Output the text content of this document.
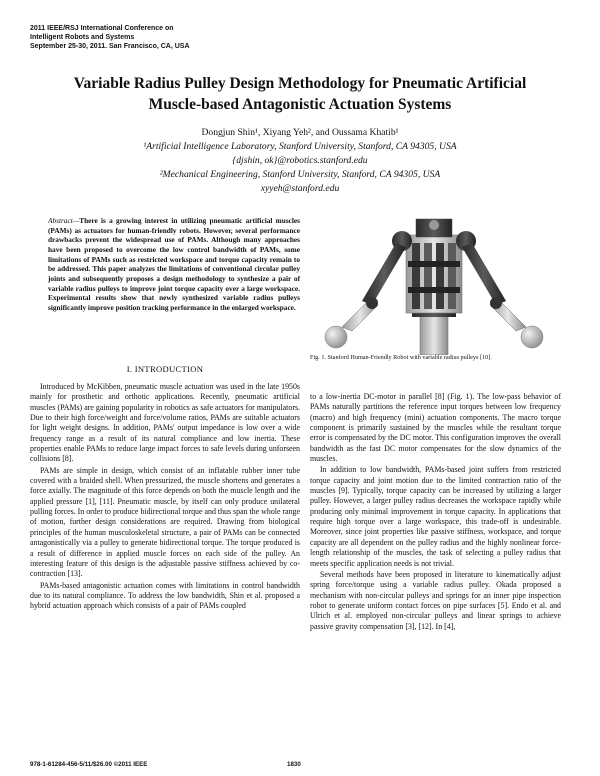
2011 IEEE/RSJ International Conference on
Intelligent Robots and Systems
September 25-30, 2011. San Francisco, CA, USA
Variable Radius Pulley Design Methodology for Pneumatic Artificial
Muscle-based Antagonistic Actuation Systems
Dongjun Shin¹, Xiyang Yeh², and Oussama Khatib¹
¹Artificial Intelligence Laboratory, Stanford University, Stanford, CA 94305, USA
{djshin, ok}@robotics.stanford.edu
²Mechanical Engineering, Stanford University, Stanford, CA 94305, USA
xyyeh@stanford.edu
Abstract—There is a growing interest in utilizing pneumatic artificial muscles (PAMs) as actuators for human-friendly robots. However, several performance drawbacks prevent the widespread use of PAMs. Although many approaches have been proposed to overcome the low control bandwidth of PAMs, some limitations of PAMs such as restricted workspace and torque capacity remain to be addressed. This paper analyzes the limitations of conventional circular pulley joints and subsequently proposes a design methodology to synthesize a pair of variable radius pulleys to improve joint torque capacity over a large workspace. Experimental results show that newly synthesized variable radius pulleys significantly improve position tracking performance in the enlarged workspace.
Fig. 1. Stanford Human-Friendly Robot with variable radius pulleys [10].
I. INTRODUCTION

Introduced by McKibben, pneumatic muscle actuation was used in the late 1950s mainly for prosthetic and orthotic applications. Recently, pneumatic artificial muscles (PAMs) are gaining popularity in robotics as safe actuators for manipulators. Due to their high force/weight and force/volume ratios, PAMs are suitable actuators for light weight designs. In addition, PAMs' output impedance is low over a wide frequency range as a result of its natural compliance and low inertia. These properties enable PAMs to reduce large impact forces to safe levels during unforseen collisions [8].

PAMs are simple in design, which consist of an inflatable rubber inner tube covered with a braided shell. When pressurized, the muscle shortens and generates a force axially. The magnitude of this force depends on both the muscle length and the applied pressure [1], [11]. Pneumatic muscle, by itself can only produce unilateral pulling forces. In order to produce bidirectional torque and thus span the whole range of motion, further design considerations are required. Drawing from biological principles of the human musculoskeletal structure, a pair of PAMs can be connected antagonistically via a pulley to generate bidirectional torque. The torque produced is a result of difference in applied muscle forces on each side of the pulley. An interesting feature of this design is the adjustable passive stiffness achieved by co-contraction [13].

PAMs-based antagonistic actuation comes with limitations in control bandwidth due to its natural compliance. To address the low bandwidth, Shin et al. proposed a hybrid actuation approach which consists of a pair of PAMs coupled

to a low-inertia DC-motor in parallel [8] (Fig. 1). The low-pass behavior of PAMs naturally partitions the reference input torques between low frequency (macro) and high frequency (mini) actuation components. The macro torque component is primarily sustained by the muscles while the resultant torque error is compensated by the DC motor. This configuration improves the overall bandwidth as the fast DC motor compensates for the slow dynamics of the muscles.

In addition to low bandwidth, PAMs-based joint suffers from restricted torque capacity and joint motion due to the limited contraction ratio of the muscles [9]. Typically, torque capacity can be increased by utilizing a larger pulley. However, a larger pulley radius decreases the workspace rapidly while producing only minimal improvement in torque capacity. In applications that require high torque over a large workspace, this trade-off is undesirable. Moreover, since joint properties like passive stiffness, workspace, and torque capacity are all dependent on the pulley radius and the highly nonlinear force-length relationship of the muscles, the task of selecting a pulley radius that meets specific application needs is not trivial.

Several methods have been proposed in literature to kinematically adjust spring force/torque using a variable radius pulley. Okada proposed a mechanism with non-circular pulleys and springs for an inner pipe inspection robot to generate uniform contact forces on pipe surfaces [5]. Endo et al. and Ulrich et al. employed non-circular pulleys and linear springs to achieve passive gravity compensation [3], [12]. In [4],

978-1-61284-456-5/11/$26.00 ©2011 IEEE	1830
